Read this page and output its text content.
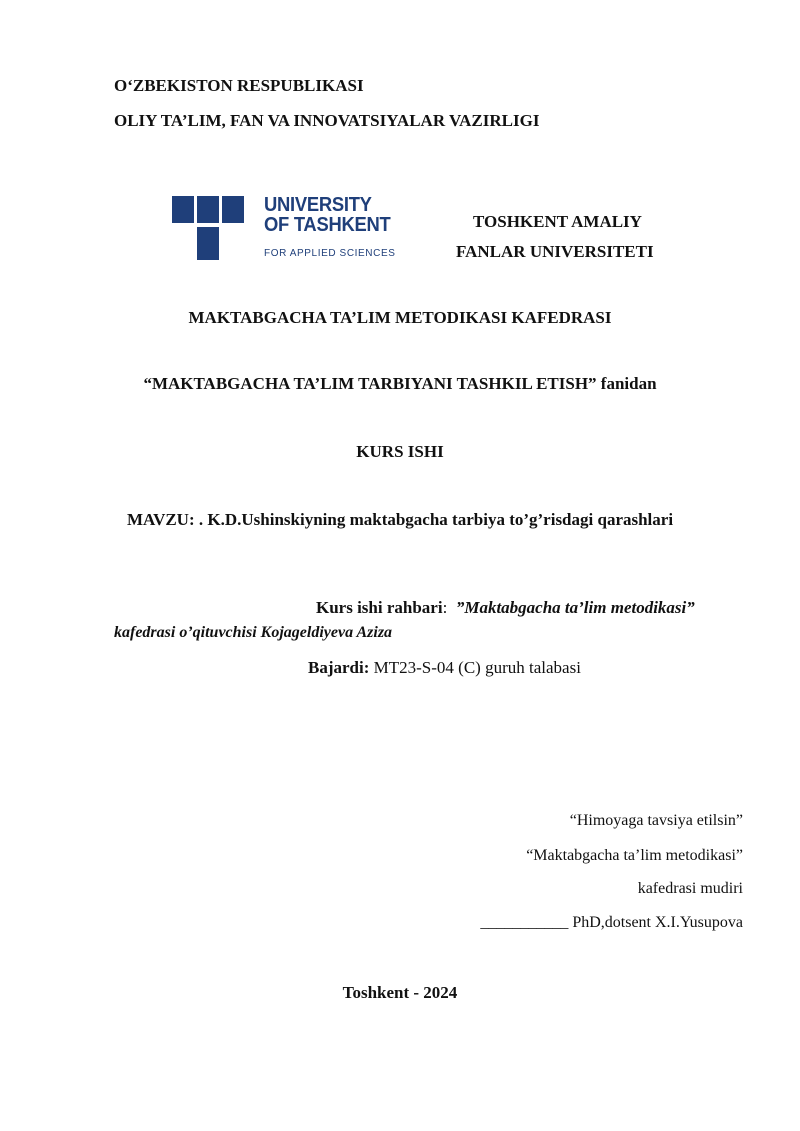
O‘ZBEKISTON RESPUBLIKASI
OLIY TA’LIM, FAN VA INNOVATSIYALAR VAZIRLIGI
UNIVERSITY
OF TASHKENT
FOR APPLIED SCIENCES
TOSHKENT AMALIY
FANLAR UNIVERSITETI
MAKTABGACHA TA’LIM METODIKASI KAFEDRASI
“MAKTABGACHA TA’LIM TARBIYANI TASHKIL ETISH” fanidan
KURS ISHI
MAVZU: . K.D.Ushinskiyning maktabgacha tarbiya to’g’risdagi qarashlari
Kurs ishi rahbari: ”Maktabgacha ta’lim metodikasi”
kafedrasi o’qituvchisi Kojageldiyeva Aziza
Bajardi: MT23-S-04 (C) guruh talabasi
“Himoyaga tavsiya etilsin”
“Maktabgacha ta’lim metodikasi”
kafedrasi mudiri
___________ PhD,dotsent X.I.Yusupova
Toshkent - 2024
